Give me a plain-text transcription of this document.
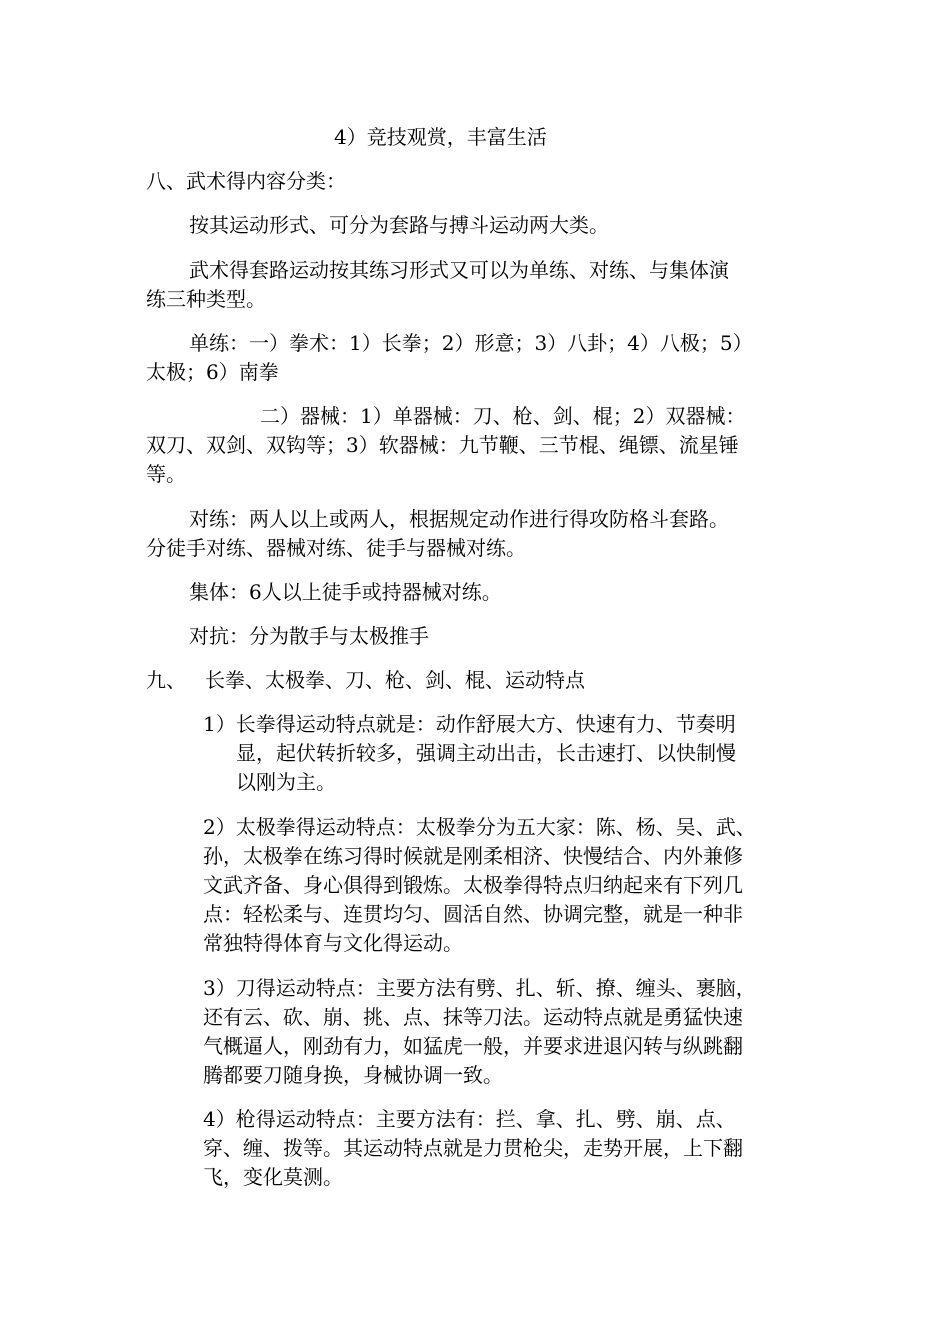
4）竞技观赏，丰富生活
八、武术得内容分类：
按其运动形式、可分为套路与搏斗运动两大类。
武术得套路运动按其练习形式又可以为单练、对练、与集体演
练三种类型。
单练：一）拳术：1）长拳；2）形意；3）八卦；4）八极；5）
太极；6）南拳
二）器械：1）单器械：刀、枪、剑、棍；2）双器械：
双刀、双剑、双钩等；3）软器械：九节鞭、三节棍、绳镖、流星锤
等。
对练：两人以上或两人，根据规定动作进行得攻防格斗套路。
分徒手对练、器械对练、徒手与器械对练。
集体：6人以上徒手或持器械对练。
对抗：分为散手与太极推手
九、 长拳、太极拳、刀、枪、剑、棍、运动特点
1）长拳得运动特点就是：动作舒展大方、快速有力、节奏明
显，起伏转折较多，强调主动出击，长击速打、以快制慢
以刚为主。
2）太极拳得运动特点：太极拳分为五大家：陈、杨、吴、武、
孙，太极拳在练习得时候就是刚柔相济、快慢结合、内外兼修
文武齐备、身心俱得到锻炼。太极拳得特点归纳起来有下列几
点：轻松柔与、连贯均匀、圆活自然、协调完整，就是一种非
常独特得体育与文化得运动。
3）刀得运动特点：主要方法有劈、扎、斩、撩、缠头、裹脑，
还有云、砍、崩、挑、点、抹等刀法。运动特点就是勇猛快速
气概逼人，刚劲有力，如猛虎一般，并要求进退闪转与纵跳翻
腾都要刀随身换，身械协调一致。
4）枪得运动特点：主要方法有：拦、拿、扎、劈、崩、点、
穿、缠、拨等。其运动特点就是力贯枪尖，走势开展，上下翻
飞，变化莫测。
